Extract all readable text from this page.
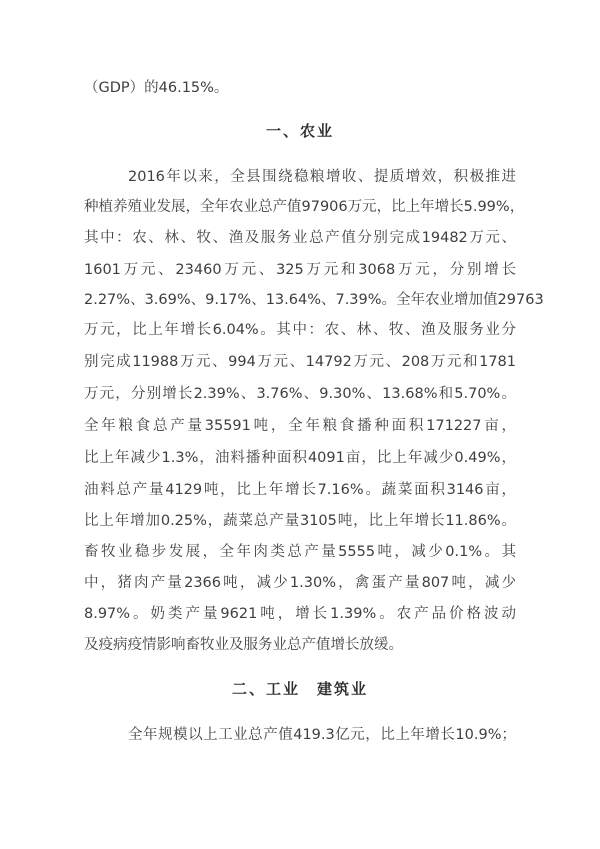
（GDP）的46.15%。
一、农业
2016年以来，全县围绕稳粮增收、提质增效，积极推进
种植养殖业发展，全年农业总产值97906万元，比上年增长5.99%，
其中：农、林、牧、渔及服务业总产值分别完成19482万元、
1601万元、23460万元、325万元和3068万元，分别增长
2.27%、3.69%、9.17%、13.64%、7.39%。全年农业增加值29763
万元，比上年增长6.04%。其中：农、林、牧、渔及服务业分
别完成11988万元、994万元、14792万元、208万元和1781
万元，分别增长2.39%、3.76%、9.30%、13.68%和5.70%。
全年粮食总产量35591吨，全年粮食播种面积171227亩，
比上年减少1.3%，油料播种面积4091亩，比上年减少0.49%，
油料总产量4129吨，比上年增长7.16%。蔬菜面积3146亩，
比上年增加0.25%，蔬菜总产量3105吨，比上年增长11.86%。
畜牧业稳步发展，全年肉类总产量5555吨，减少0.1%。其
中，猪肉产量2366吨，减少1.30%，禽蛋产量807吨，减少
8.97%。奶类产量9621吨，增长1.39%。农产品价格波动
及疫病疫情影响畜牧业及服务业总产值增长放缓。
二、工业　建筑业
全年规模以上工业总产值419.3亿元，比上年增长10.9%；
